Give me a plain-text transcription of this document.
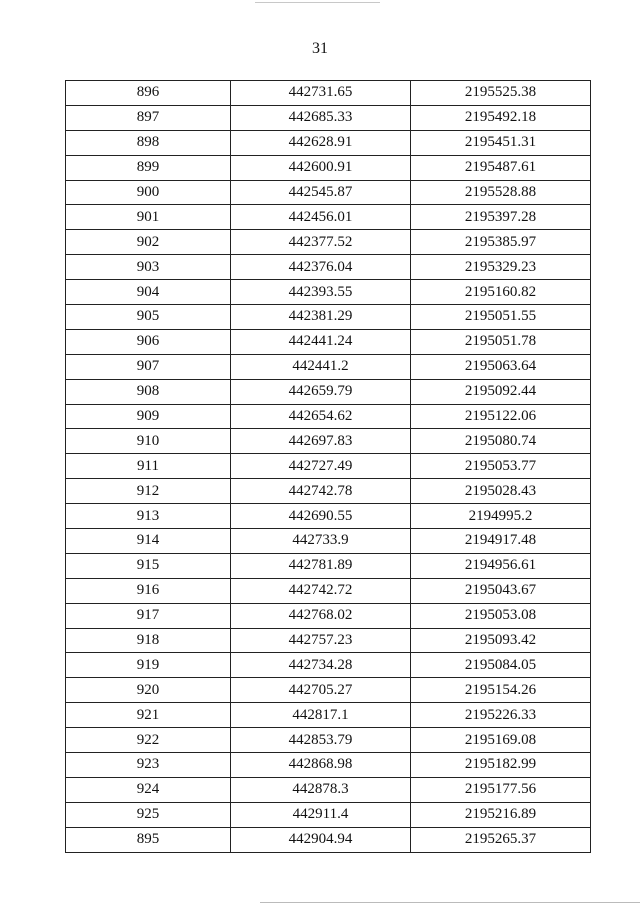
31
896	442731.65	2195525.38
897	442685.33	2195492.18
898	442628.91	2195451.31
899	442600.91	2195487.61
900	442545.87	2195528.88
901	442456.01	2195397.28
902	442377.52	2195385.97
903	442376.04	2195329.23
904	442393.55	2195160.82
905	442381.29	2195051.55
906	442441.24	2195051.78
907	442441.2	2195063.64
908	442659.79	2195092.44
909	442654.62	2195122.06
910	442697.83	2195080.74
911	442727.49	2195053.77
912	442742.78	2195028.43
913	442690.55	2194995.2
914	442733.9	2194917.48
915	442781.89	2194956.61
916	442742.72	2195043.67
917	442768.02	2195053.08
918	442757.23	2195093.42
919	442734.28	2195084.05
920	442705.27	2195154.26
921	442817.1	2195226.33
922	442853.79	2195169.08
923	442868.98	2195182.99
924	442878.3	2195177.56
925	442911.4	2195216.89
895	442904.94	2195265.37
